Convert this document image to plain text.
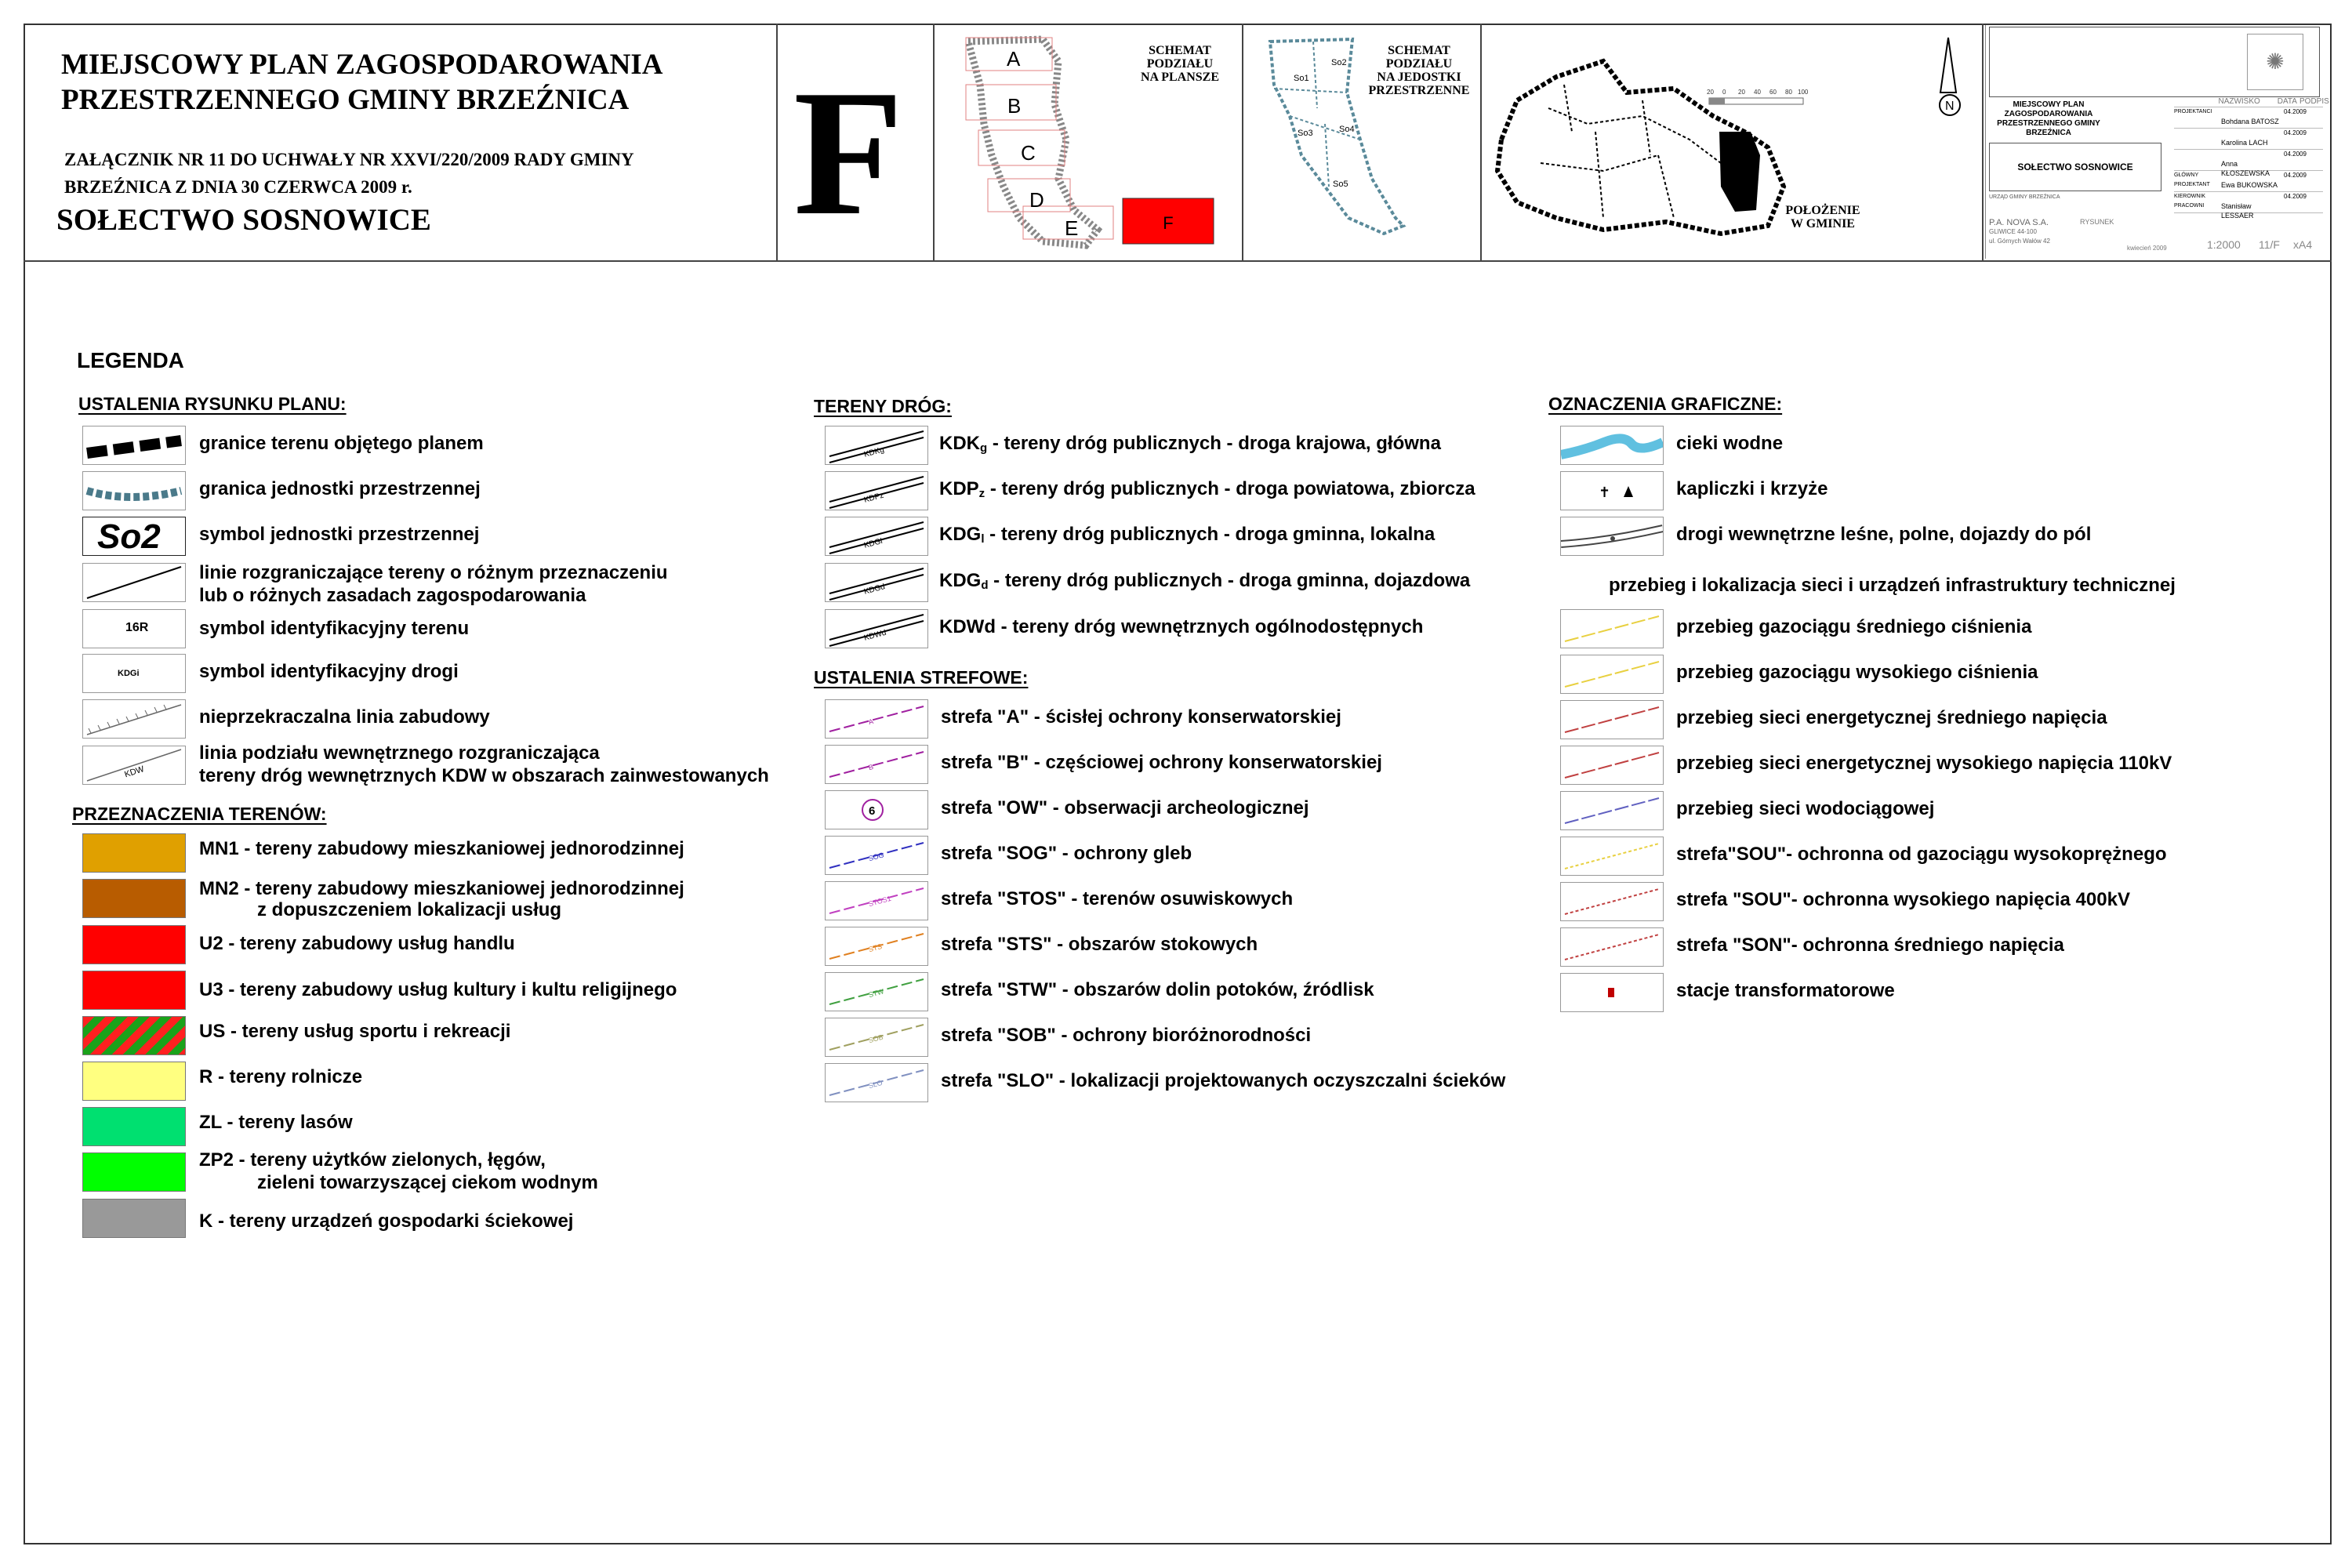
MIEJSCOWY PLAN ZAGOSPODAROWANIA
PRZESTRZENNEGO GMINY BRZEŹNICA
ZAŁĄCZNIK NR 11 DO UCHWAŁY NR XXVI/220/2009 RADY GMINY
BRZEŹNICA Z DNIA 30 CZERWCA 2009 r.
SOŁECTWO SOSNOWICE F	A
B
C
D
E	F
SCHEMAT
PODZIAŁU
NA PLANSZE	So1
So2
So3	So4
So5
SCHEMAT
PODZIAŁU
NA JEDOSTKI
PRZESTRZENNE	20 0 20 40 60 80 100
N
POŁOŻENIE
W GMINIE
✺
MIEJSCOWY PLAN
ZAGOSPODAROWANIA
PRZESTRZENNEGO GMINY
BRZEŹNICA
SOŁECTWO SOSNOWICE
NAZWISKO	DATA PODPIS
PROJEKTANCI
Bohdana BATOSZ
04.2009
Karolina LACH
04.2009
Anna KŁOSZEWSKA
04.2009
GŁÓWNY PROJEKTANT	Ewa BUKOWSKA
04.2009
KIEROWNIK PRACOWNI	Stanisław LESSAER
04.2009
URZĄD GMINY BRZEŹNICA
P.A. NOVA S.A.
GLIWICE 44-100
ul. Górnych Wałów 42
RYSUNEK
kwiecień 2009	1:2000 11/F xA4
LEGENDA
USTALENIA RYSUNKU PLANU:
granice terenu objętego planem
granica jednostki przestrzennej
So2 symbol jednostki przestrzennej
linie rozgraniczające tereny o różnym przeznaczeniu
lub o różnych zasadach zagospodarowania
16R	symbol identyfikacyjny terenu
KDGi	symbol identyfikacyjny drogi
nieprzekraczalna linia zabudowy
KDW
linia podziału wewnętrznego rozgraniczająca
tereny dróg wewnętrznych KDW w obszarach zainwestowanych
PRZEZNACZENIA TERENÓW:
MN1 - tereny zabudowy mieszkaniowej jednorodzinnej
MN2 - tereny zabudowy mieszkaniowej jednorodzinnej
z dopuszczeniem lokalizacji usług
U2 - tereny zabudowy usług handlu
U3 - tereny zabudowy usług kultury i kultu religijnego
US - tereny usług sportu i rekreacji
R - tereny rolnicze
ZL - tereny lasów
ZP2 - tereny użytków zielonych, łęgów,
zieleni towarzyszącej ciekom wodnym
K - tereny urządzeń gospodarki ściekowej
TERENY DRÓG:
KDKg	$KDK_g$ - tereny dróg publicznych - droga krajowa, główna
KDPz	$KDP_z$ - tereny dróg publicznych - droga powiatowa, zbiorcza
KDGl	$KDG_l$ - tereny dróg publicznych - droga gminna, lokalna
KDGd	$KDG_d$ - tereny dróg publicznych - droga gminna, dojazdowa
KDWd	KDWd - tereny dróg wewnętrznych ogólnodostępnych
USTALENIA STREFOWE:
A	strefa "A" - ścisłej ochrony konserwatorskiej
B	strefa "B" - częściowej ochrony konserwatorskiej
6	strefa "OW" - obserwacji archeologicznej
SOG	strefa "SOG" - ochrony gleb
STOS1	strefa "STOS" - terenów osuwiskowych
STS	strefa "STS" - obszarów stokowych
STW	strefa "STW" - obszarów dolin potoków, źródlisk
SOB	strefa "SOB" - ochrony bioróżnorodności
SLO	strefa "SLO" - lokalizacji projektowanych oczyszczalni ścieków
OZNACZENIA GRAFICZNE:
cieki wodne
✝	kapliczki i krzyże
drogi wewnętrzne leśne, polne, dojazdy do pól
przebieg i lokalizacja sieci i urządzeń infrastruktury technicznej
przebieg gazociągu średniego ciśnienia
przebieg gazociągu wysokiego ciśnienia
przebieg sieci energetycznej średniego napięcia
przebieg sieci energetycznej wysokiego napięcia 110kV
przebieg sieci wodociągowej
strefa"SOU"- ochronna od gazociągu wysokoprężnego
strefa "SOU"- ochronna wysokiego napięcia 400kV
strefa "SON"- ochronna średniego napięcia
stacje transformatorowe
